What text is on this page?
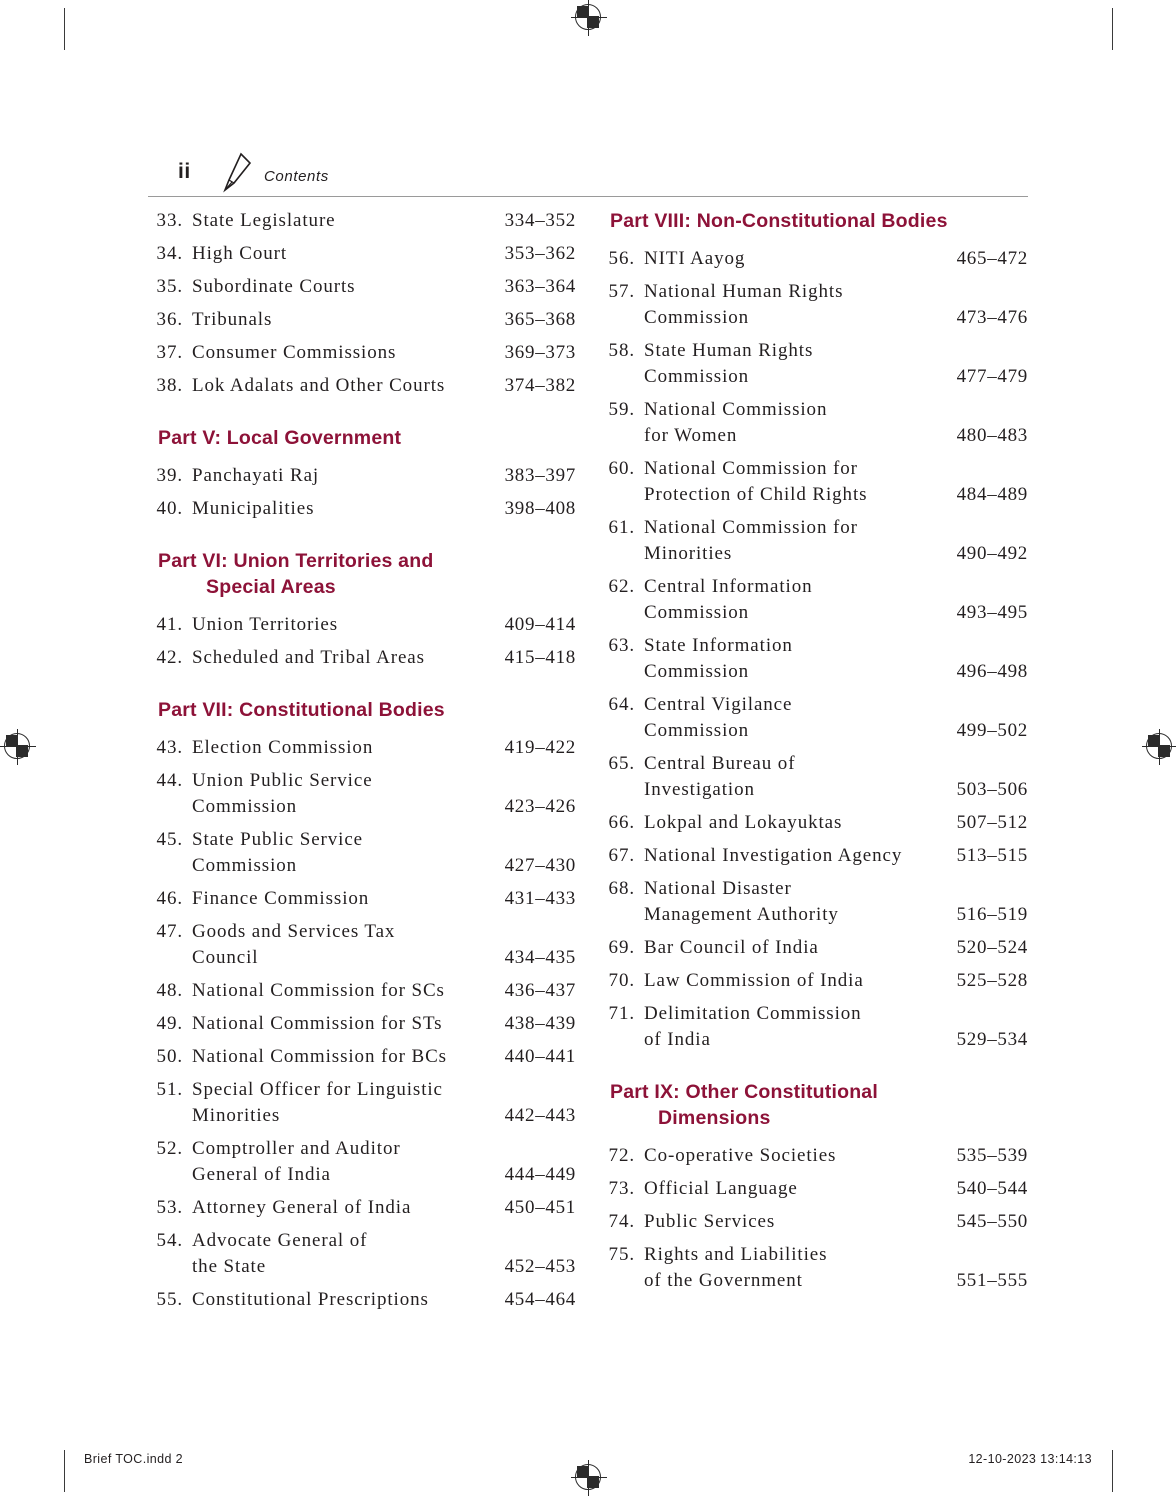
ii	Contents
33. State Legislature	334–352
34. High Court	353–362
35. Subordinate Courts	363–364
36. Tribunals	365–368
37. Consumer Commissions	369–373
38. Lok Adalats and Other Courts	374–382
Part V: Local Government
39. Panchayati Raj	383–397
40. Municipalities	398–408
Part VI: Union Territories and
Special Areas
41. Union Territories	409–414
42. Scheduled and Tribal Areas	415–418
Part VII: Constitutional Bodies
43. Election Commission	419–422
44. Union Public Service
Commission	423–426
45. State Public Service
Commission	427–430
46. Finance Commission	431–433
47. Goods and Services Tax
Council	434–435
48. National Commission for SCs	436–437
49. National Commission for STs	438–439
50. National Commission for BCs	440–441
51. Special Officer for Linguistic
Minorities	442–443
52. Comptroller and Auditor
General of India	444–449
53. Attorney General of India	450–451
54. Advocate General of
the State	452–453
55. Constitutional Prescriptions	454–464
Part VIII: Non-Constitutional Bodies
56. NITI Aayog	465–472
57. National Human Rights
Commission	473–476
58. State Human Rights
Commission	477–479
59. National Commission
for Women	480–483
60. National Commission for
Protection of Child Rights	484–489
61. National Commission for
Minorities	490–492
62. Central Information
Commission	493–495
63. State Information
Commission	496–498
64. Central Vigilance
Commission	499–502
65. Central Bureau of
Investigation	503–506
66. Lokpal and Lokayuktas	507–512
67. National Investigation Agency	513–515
68. National Disaster
Management Authority	516–519
69. Bar Council of India	520–524
70. Law Commission of India	525–528
71. Delimitation Commission
of India	529–534
Part IX: Other Constitutional
Dimensions
72. Co-operative Societies	535–539
73. Official Language	540–544
74. Public Services	545–550
75. Rights and Liabilities
of the Government	551–555
Brief TOC.indd 2	12-10-2023 13:14:13
